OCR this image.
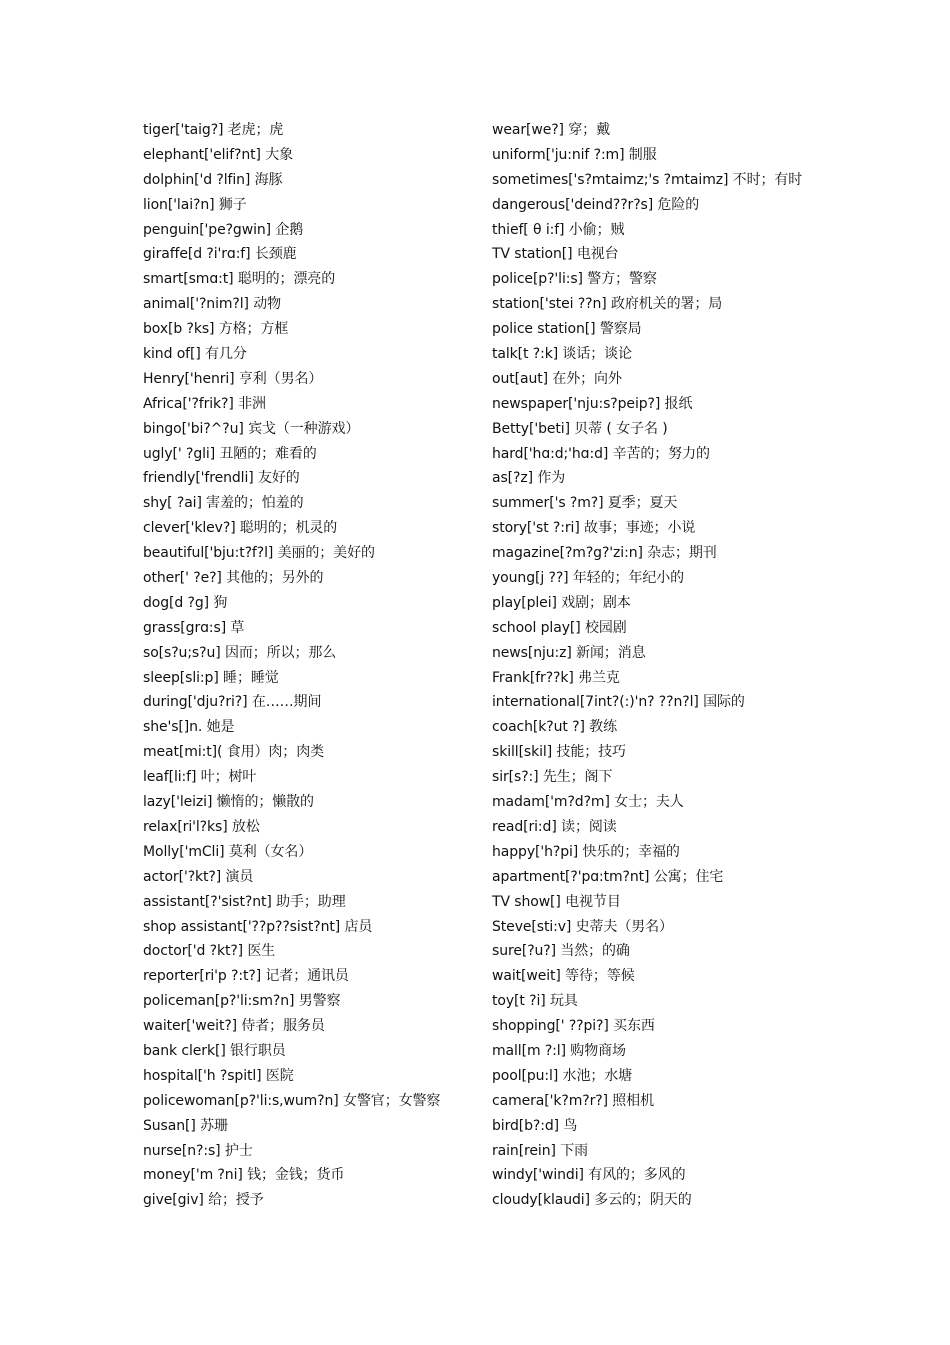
tiger['taig?] 老虎；虎
elephant['elif?nt] 大象
dolphin['d ?lfin] 海豚
lion['lai?n] 狮子
penguin['pe?gwin] 企鹅
giraffe[d ?i'rɑ:f] 长颈鹿
smart[smɑ:t] 聪明的；漂亮的
animal['?nim?l] 动物
box[b ?ks] 方格；方框
kind of[] 有几分
Henry['henri] 亨利（男名）
Africa['?frik?] 非洲
bingo['bi?^?u] 宾戈（一种游戏）
ugly[' ?gli] 丑陋的；难看的
friendly['frendli] 友好的
shy[ ?ai] 害羞的；怕羞的
clever['klev?] 聪明的；机灵的
beautiful['bju:t?f?l] 美丽的；美好的
other[' ?e?] 其他的；另外的
dog[d ?g] 狗
grass[grɑ:s] 草
so[s?u;s?u] 因而；所以；那么
sleep[sli:p] 睡；睡觉
during['dju?ri?] 在……期间
she's[]n. 她是
meat[mi:t]( 食用）肉；肉类
leaf[li:f] 叶；树叶
lazy['leizi] 懒惰的；懒散的
relax[ri'l?ks] 放松
Molly['mCli] 莫利（女名）
actor['?kt?] 演员
assistant[?'sist?nt] 助手；助理
shop assistant['??p??sist?nt] 店员
doctor['d ?kt?] 医生
reporter[ri'p ?:t?] 记者；通讯员
policeman[p?'li:sm?n] 男警察
waiter['weit?] 侍者；服务员
bank clerk[] 银行职员
hospital['h ?spitl] 医院
policewoman[p?'li:s,wum?n] 女警官；女警察
Susan[] 苏珊
nurse[n?:s] 护士
money['m ?ni] 钱；金钱；货币
give[giv] 给；授予
wear[we?] 穿；戴
uniform['ju:nif ?:m] 制服
sometimes['s?mtaimz;'s ?mtaimz] 不时；有时
dangerous['deind??r?s] 危险的
thief[ θ i:f] 小偷；贼
TV station[] 电视台
police[p?'li:s] 警方；警察
station['stei ??n] 政府机关的署；局
police station[] 警察局
talk[t ?:k] 谈话；谈论
out[aut] 在外；向外
newspaper['nju:s?peip?] 报纸
Betty['beti] 贝蒂 ( 女子名 )
hard['hɑ:d;'hɑ:d] 辛苦的；努力的
as[?z] 作为
summer['s ?m?] 夏季；夏天
story['st ?:ri] 故事；事迹；小说
magazine[?m?g?'zi:n] 杂志；期刊
young[j ??] 年轻的；年纪小的
play[plei] 戏剧；剧本
school play[] 校园剧
news[nju:z] 新闻；消息
Frank[fr??k] 弗兰克
international[7int?(:)'n? ??n?l] 国际的
coach[k?ut ?] 教练
skill[skil] 技能；技巧
sir[s?:] 先生；阁下
madam['m?d?m] 女士；夫人
read[ri:d] 读；阅读
happy['h?pi] 快乐的；幸福的
apartment[?'pɑ:tm?nt] 公寓；住宅
TV show[] 电视节目
Steve[sti:v] 史蒂夫（男名）
sure[?u?] 当然；的确
wait[weit] 等待；等候
toy[t ?i] 玩具
shopping[' ??pi?] 买东西
mall[m ?:l] 购物商场
pool[pu:l] 水池；水塘
camera['k?m?r?] 照相机
bird[b?:d] 鸟
rain[rein] 下雨
windy['windi] 有风的；多风的
cloudy[klaudi] 多云的；阴天的
